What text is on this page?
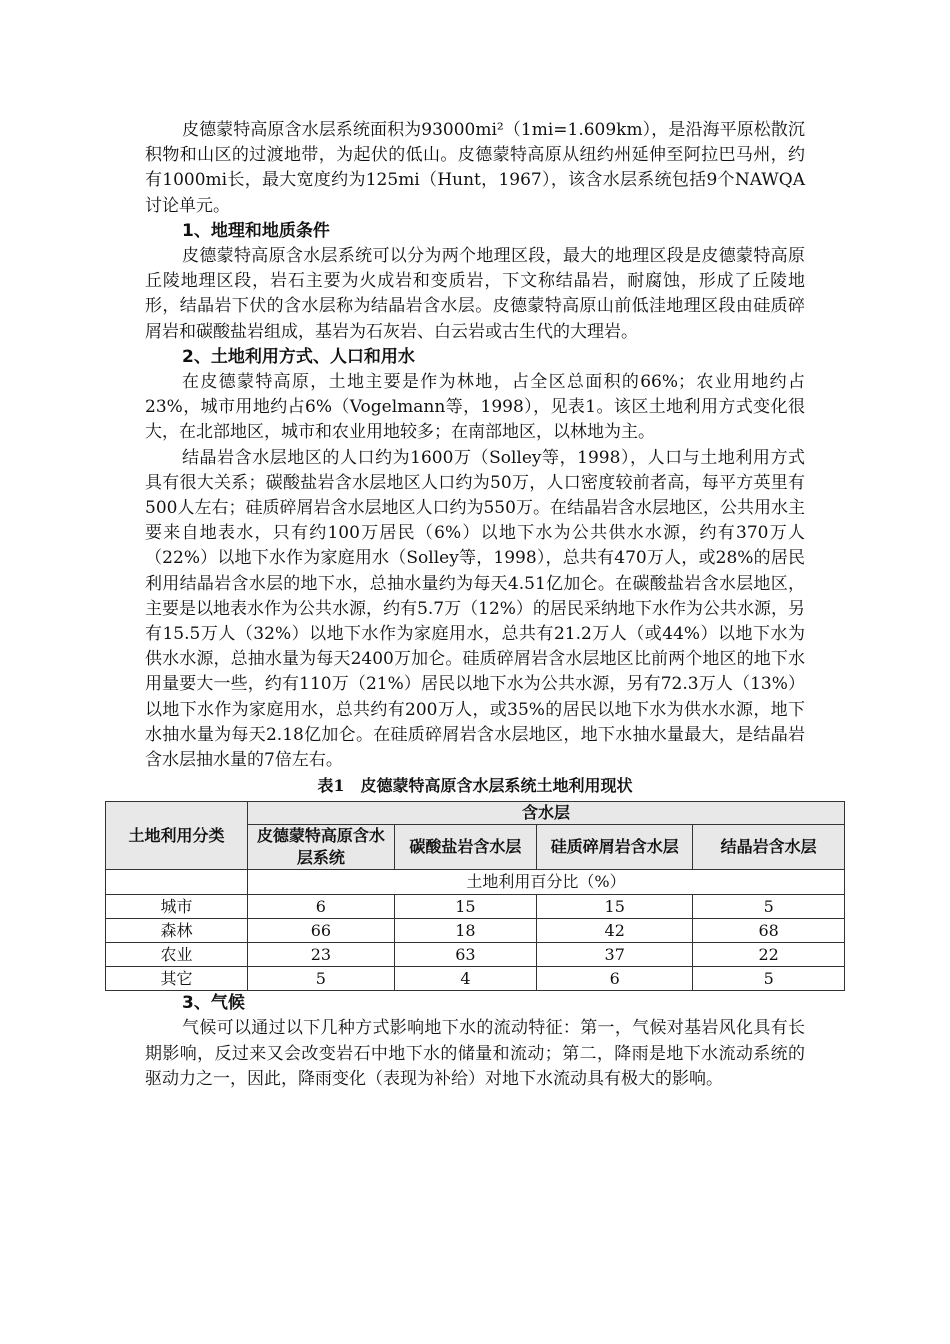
皮德蒙特高原含水层系统面积为93000mi²（1mi=1.609km），是沿海平原松散沉积物和山区的过渡地带，为起伏的低山。皮德蒙特高原从纽约州延伸至阿拉巴马州，约有1000mi长，最大宽度约为125mi（Hunt，1967），该含水层系统包括9个NAWQA讨论单元。

1、地理和地质条件

皮德蒙特高原含水层系统可以分为两个地理区段，最大的地理区段是皮德蒙特高原丘陵地理区段，岩石主要为火成岩和变质岩，下文称结晶岩，耐腐蚀，形成了丘陵地形，结晶岩下伏的含水层称为结晶岩含水层。皮德蒙特高原山前低洼地理区段由硅质碎屑岩和碳酸盐岩组成，基岩为石灰岩、白云岩或古生代的大理岩。

2、土地利用方式、人口和用水

在皮德蒙特高原，土地主要是作为林地，占全区总面积的66%；农业用地约占23%，城市用地约占6%（Vogelmann等，1998），见表1。该区土地利用方式变化很大，在北部地区，城市和农业用地较多；在南部地区，以林地为主。

结晶岩含水层地区的人口约为1600万（Solley等，1998），人口与土地利用方式具有很大关系；碳酸盐岩含水层地区人口约为50万，人口密度较前者高，每平方英里有500人左右；硅质碎屑岩含水层地区人口约为550万。在结晶岩含水层地区，公共用水主要来自地表水，只有约100万居民（6%）以地下水为公共供水水源，约有370万人（22%）以地下水作为家庭用水（Solley等，1998），总共有470万人，或28%的居民利用结晶岩含水层的地下水，总抽水量约为每天4.51亿加仑。在碳酸盐岩含水层地区，主要是以地表水作为公共水源，约有5.7万（12%）的居民采纳地下水作为公共水源，另有15.5万人（32%）以地下水作为家庭用水，总共有21.2万人（或44%）以地下水为供水水源，总抽水量为每天2400万加仑。硅质碎屑岩含水层地区比前两个地区的地下水用量要大一些，约有110万（21%）居民以地下水为公共水源，另有72.3万人（13%）以地下水作为家庭用水，总共约有200万人，或35%的居民以地下水为供水水源，地下水抽水量为每天2.18亿加仑。在硅质碎屑岩含水层地区，地下水抽水量最大，是结晶岩含水层抽水量的7倍左右。

表1　皮德蒙特高原含水层系统土地利用现状
土地利用分类	含水层			
	皮德蒙特高原含水层系统	碳酸盐岩含水层	硅质碎屑岩含水层	结晶岩含水层
	土地利用百分比（%）			
城市	6	15	15	5
森林	66	18	42	68
农业	23	63	37	22
其它	5	4	6	5
3、气候

气候可以通过以下几种方式影响地下水的流动特征：第一，气候对基岩风化具有长期影响，反过来又会改变岩石中地下水的储量和流动；第二，降雨是地下水流动系统的驱动力之一，因此，降雨变化（表现为补给）对地下水流动具有极大的影响。
